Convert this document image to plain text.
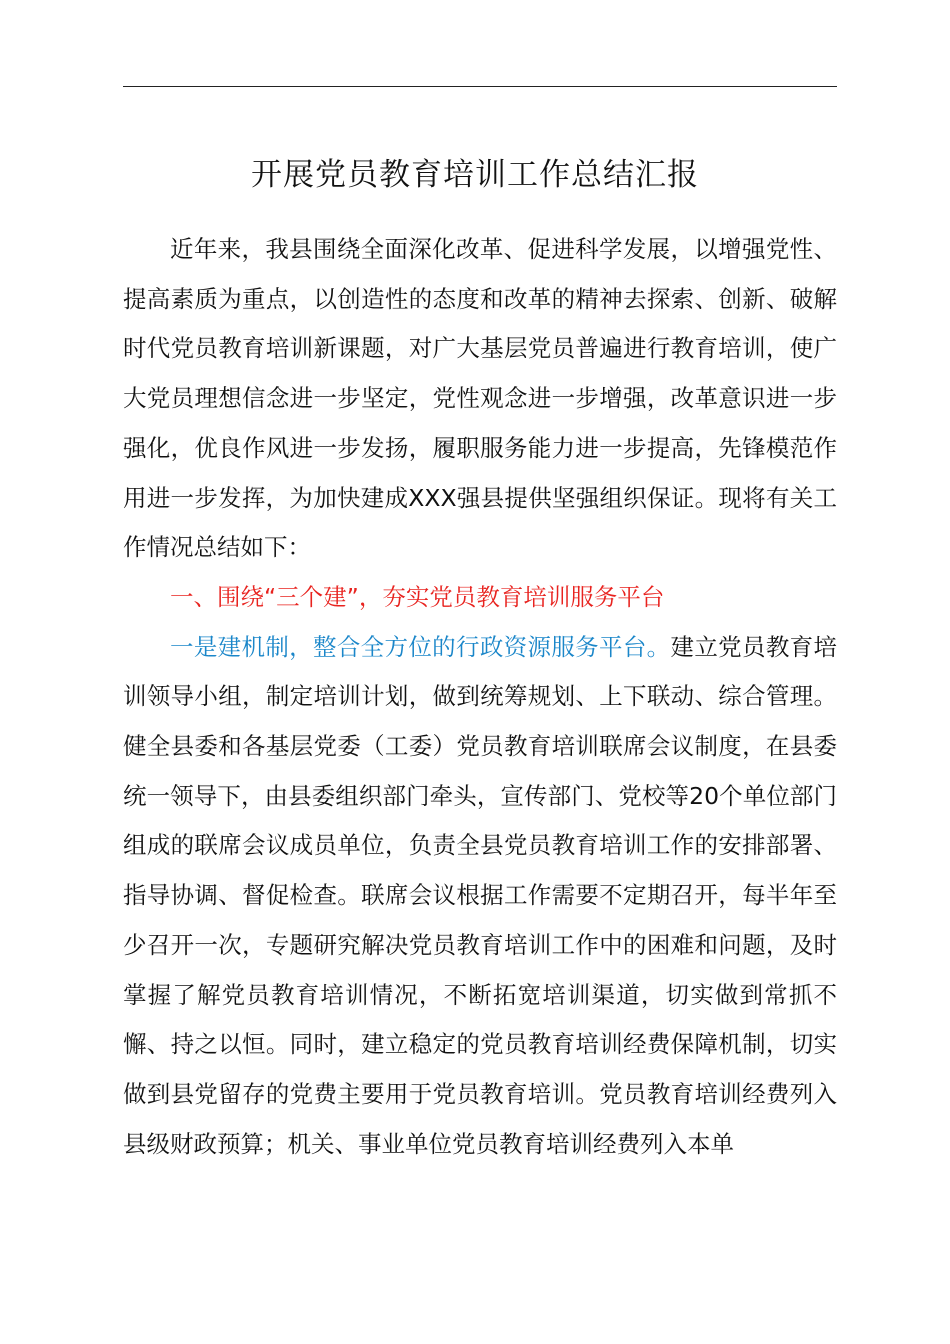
开展党员教育培训工作总结汇报

近年来，我县围绕全面深化改革、促进科学发展，以增强党性、提高素质为重点，以创造性的态度和改革的精神去探索、创新、破解时代党员教育培训新课题，对广大基层党员普遍进行教育培训，使广大党员理想信念进一步坚定，党性观念进一步增强，改革意识进一步强化，优良作风进一步发扬，履职服务能力进一步提高，先锋模范作用进一步发挥，为加快建成XXX强县提供坚强组织保证。现将有关工作情况总结如下：

一、围绕“三个建”，夯实党员教育培训服务平台

一是建机制，整合全方位的行政资源服务平台。建立党员教育培训领导小组，制定培训计划，做到统筹规划、上下联动、综合管理。健全县委和各基层党委（工委）党员教育培训联席会议制度，在县委统一领导下，由县委组织部门牵头，宣传部门、党校等20个单位部门组成的联席会议成员单位，负责全县党员教育培训工作的安排部署、指导协调、督促检查。联席会议根据工作需要不定期召开，每半年至少召开一次，专题研究解决党员教育培训工作中的困难和问题，及时掌握了解党员教育培训情况，不断拓宽培训渠道，切实做到常抓不懈、持之以恒。同时，建立稳定的党员教育培训经费保障机制，切实做到县党留存的党费主要用于党员教育培训。党员教育培训经费列入县级财政预算；机关、事业单位党员教育培训经费列入本单
